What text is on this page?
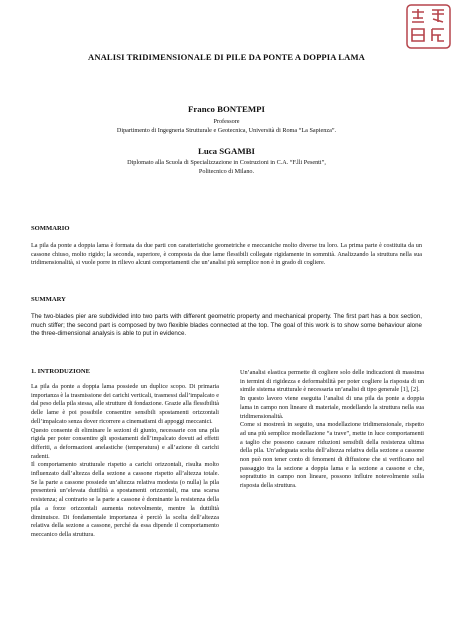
ANALISI TRIDIMENSIONALE DI PILE DA PONTE A DOPPIA LAMA
Franco BONTEMPI
Professore
Dipartimento di Ingegneria Strutturale e Geotecnica, Università di Roma “La Sapienza”.
Luca SGAMBI
Diplomato alla Scuola di Specializzazione in Costruzioni in C.A. “F.lli Pesenti”,
Politecnico di Milano.
SOMMARIO
La pila da ponte a doppia lama è formata da due parti con caratteristiche geometriche e meccaniche molto diverse tra loro. La prima parte è costituita da un cassone chiuso, molto rigido; la seconda, superiore, è composta da due lame flessibili collegate rigidamente in sommità. Analizzando la struttura nella sua tridimensionalità, si vuole porre in rilievo alcuni comportamenti che un’analisi più semplice non è in grado di cogliere.
SUMMARY
The two-blades pier are subdivided into two parts with different geometric property and mechanical property. The first part has a box section, much stiffer; the second part is composed by two flexible blades connected at the top. The goal of this work is to show some behaviour alone the three-dimensional analysis is able to put in evidence.
1. INTRODUZIONE

La pila da ponte a doppia lama possiede un duplice scopo. Di primaria importanza è la trasmissione dei carichi verticali, trasmessi dall’impalcato e dal peso della pila stessa, alle strutture di fondazione. Grazie alla flessibilità delle lame è poi possibile consentire sensibili spostamenti orizzontali dell’impalcato senza dover ricorrere a cinematismi di appoggi meccanici.

Questo consente di eliminare le sezioni di giunto, necessarie con una pila rigida per poter consentire gli spostamenti dell’impalcato dovuti ad effetti differiti, a deformazioni anelastiche (temperatura) e all’azione di carichi radenti.

Il comportamento strutturale rispetto a carichi orizzontali, risulta molto influenzato dall’altezza della sezione a cassone rispetto all’altezza totale. Se la parte a cassone possiede un’altezza relativa modesta (o nulla) la pila presenterà un’elevata duttilità a spostamenti orizzontali, ma una scarsa resistenza; al contrario se la parte a cassone è dominante la resistenza della pila a forze orizzontali aumenta notevolmente, mentre la duttilità diminuisce. Di fondamentale importanza è perciò la scelta dell’altezza relativa della sezione a cassone, perché da essa dipende il comportamento meccanico della struttura.

Un’analisi elastica permette di cogliere solo delle indicazioni di massima in termini di rigidezza e deformabilità per poter cogliere la risposta di un simile sistema strutturale è necessaria un’analisi di tipo generale [1], [2].

In questo lavoro viene eseguita l’analisi di una pila da ponte a doppia lama in campo non lineare di materiale, modellando la struttura nella sua tridimensionalità.

Come si mostrerà in seguito, una modellazione tridimensionale, rispetto ad una più semplice modellazione “a trave”, mette in luce comportamenti a taglio che possono causare riduzioni sensibili della resistenza ultima della pila. Un’adeguata scelta dell’altezza relativa della sezione a cassone non può non tener conto di fenomeni di diffusione che si verificano nel passaggio tra la sezione a doppia lama e la sezione a cassone e che, soprattutto in campo non lineare, possono influire notevolmente sulla risposta della struttura.
